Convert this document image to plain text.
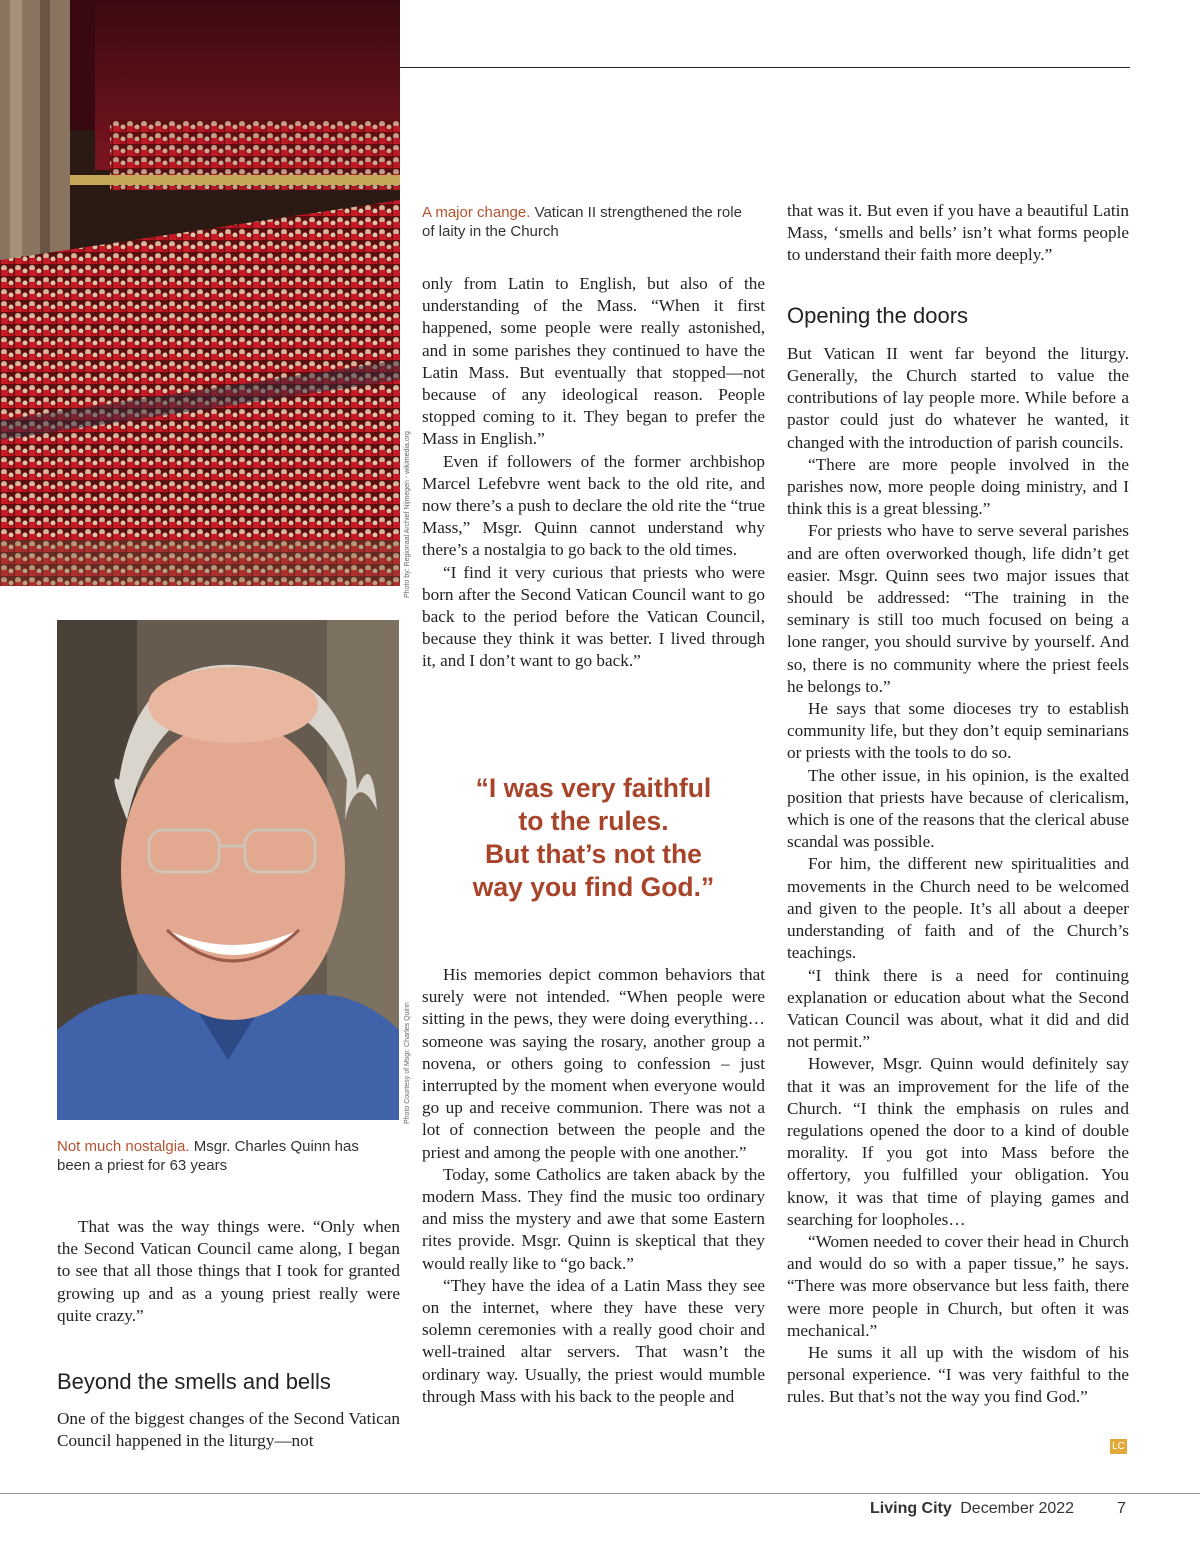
Photo by: Regionaal Archief Nijmegen - wikimedia.org
A major change. Vatican II strengthened the role of laity in the Church
Photo Courtesy of Msgr. Charles Quinn
Not much nostalgia. Msgr. Charles Quinn has been a priest for 63 years

That was the way things were. “Only when the Second Vatican Council came along, I began to see that all those things that I took for granted growing up and as a young priest really were quite crazy.”

Beyond the smells and bells

One of the biggest changes of the Second Vatican Council happened in the liturgy—not

only from Latin to English, but also of the understanding of the Mass. “When it first happened, some people were really astonished, and in some parishes they continued to have the Latin Mass. But eventually that stopped—not because of any ideological reason. People stopped coming to it. They began to prefer the Mass in English.”

Even if followers of the former archbishop Marcel Lefebvre went back to the old rite, and now there’s a push to declare the old rite the “true Mass,” Msgr. Quinn cannot understand why there’s a nostalgia to go back to the old times.

“I find it very curious that priests who were born after the Second Vatican Council want to go back to the period before the Vatican Council, because they think it was better. I lived through it, and I don’t want to go back.”

“I was very faithful
to the rules.
But that’s not the
way you find God.”

His memories depict common behaviors that surely were not intended. “When people were sitting in the pews, they were doing everything… someone was saying the rosary, another group a novena, or others going to confession – just interrupted by the moment when everyone would go up and receive communion. There was not a lot of connection between the people and the priest and among the people with one another.”

Today, some Catholics are taken aback by the modern Mass. They find the music too ordinary and miss the mystery and awe that some Eastern rites provide. Msgr. Quinn is skeptical that they would really like to “go back.”

“They have the idea of a Latin Mass they see on the internet, where they have these very solemn ceremonies with a really good choir and well-trained altar servers. That wasn’t the ordinary way. Usually, the priest would mumble through Mass with his back to the people and

that was it. But even if you have a beautiful Latin Mass, ‘smells and bells’ isn’t what forms people to understand their faith more deeply.”

Opening the doors

But Vatican II went far beyond the liturgy. Generally, the Church started to value the contributions of lay people more. While before a pastor could just do whatever he wanted, it changed with the introduction of parish councils.

“There are more people involved in the parishes now, more people doing ministry, and I think this is a great blessing.”

For priests who have to serve several parishes and are often overworked though, life didn’t get easier. Msgr. Quinn sees two major issues that should be addressed: “The training in the seminary is still too much focused on being a lone ranger, you should survive by yourself. And so, there is no community where the priest feels he belongs to.”

He says that some dioceses try to establish community life, but they don’t equip seminarians or priests with the tools to do so.

The other issue, in his opinion, is the exalted position that priests have because of clericalism, which is one of the reasons that the clerical abuse scandal was possible.

For him, the different new spiritualities and movements in the Church need to be welcomed and given to the people. It’s all about a deeper understanding of faith and of the Church’s teachings.

“I think there is a need for continuing explanation or education about what the Second Vatican Council was about, what it did and did not permit.”

However, Msgr. Quinn would definitely say that it was an improvement for the life of the Church. “I think the emphasis on rules and regulations opened the door to a kind of double morality. If you got into Mass before the offertory, you fulfilled your obligation. You know, it was that time of playing games and searching for loopholes…

“Women needed to cover their head in Church and would do so with a paper tissue,” he says. “There was more observance but less faith, there were more people in Church, but often it was mechanical.”

He sums it all up with the wisdom of his personal experience. “I was very faithful to the rules. But that’s not the way you find God.”

LC
Living City December 2022	7
